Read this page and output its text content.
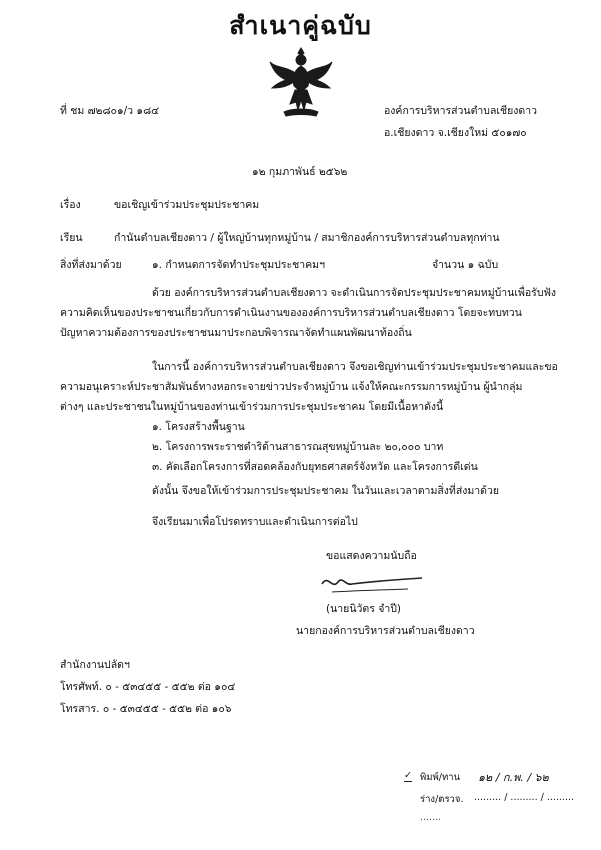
สำเนาคู่ฉบับ
ที่ ชม ๗๒๘๐๑/ว ๑๘๔	องค์การบริหารส่วนตำบลเชียงดาว
อ.เชียงดาว จ.เชียงใหม่ ๕๐๑๗๐
๑๒ กุมภาพันธ์ ๒๕๖๒
เรื่อง	ขอเชิญเข้าร่วมประชุมประชาคม
เรียน	กำนันตำบลเชียงดาว / ผู้ใหญ่บ้านทุกหมู่บ้าน / สมาชิกองค์การบริหารส่วนตำบลทุกท่าน
สิ่งที่ส่งมาด้วย	๑. กำหนดการจัดทำประชุมประชาคมฯ	จำนวน ๑ ฉบับ
ด้วย องค์การบริหารส่วนตำบลเชียงดาว จะดำเนินการจัดประชุมประชาคมหมู่บ้านเพื่อรับฟัง
ความคิดเห็นของประชาชนเกี่ยวกับการดำเนินงานขององค์การบริหารส่วนตำบลเชียงดาว โดยจะทบทวน
ปัญหาความต้องการของประชาชนมาประกอบพิจารณาจัดทำแผนพัฒนาท้องถิ่น
ในการนี้ องค์การบริหารส่วนตำบลเชียงดาว จึงขอเชิญท่านเข้าร่วมประชุมประชาคมและขอ
ความอนุเคราะห์ประชาสัมพันธ์ทางหอกระจายข่าวประจำหมู่บ้าน แจ้งให้คณะกรรมการหมู่บ้าน ผู้นำกลุ่ม
ต่างๆ และประชาชนในหมู่บ้านของท่านเข้าร่วมการประชุมประชาคม โดยมีเนื้อหาดังนี้
๑. โครงสร้างพื้นฐาน
๒. โครงการพระราชดำริด้านสาธารณสุขหมู่บ้านละ ๒๐,๐๐๐ บาท
๓. คัดเลือกโครงการที่สอดคล้องกับยุทธศาสตร์จังหวัด และโครงการดีเด่น
ดังนั้น จึงขอให้เข้าร่วมการประชุมประชาคม ในวันและเวลาตามสิ่งที่ส่งมาด้วย
จึงเรียนมาเพื่อโปรดทราบและดำเนินการต่อไป
ขอแสดงความนับถือ
(นายนิวัตร จำปี)
นายกองค์การบริหารส่วนตำบลเชียงดาว
สำนักงานปลัดฯ
โทรศัพท์. ๐ - ๕๓๔๕๕ - ๕๕๒ ต่อ ๑๐๔
โทรสาร. ๐ - ๕๓๔๕๕ - ๕๕๒ ต่อ ๑๐๖
✓ พิมพ์/ทาน ๑๒ / ก.พ. / ๖๒
ร่าง/ตรวจ. ......... / ......... / .........
.......
